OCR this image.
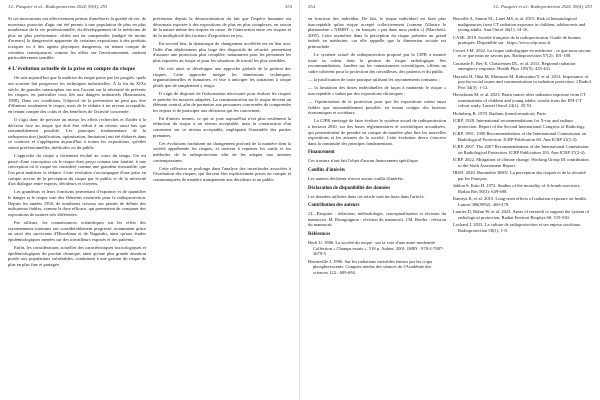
J.L. Pasquier et al.: Radioprotection 2024, 59(4), 253	253

Si ces innovations ont effectivement permis d'améliorer la qualité de vie, de nouveaux pouvoirs d'agir ont été permis à une population de plus en plus nombreuse de la vie professionnelle, du développement de la médecine de plus en plus performante, cibles ont en comprendre (malgré de moins d'erreurs) la dangerosité apparente de certaines expositions à des produits toxiques ou à des agents physiques dangereux, en tenant compte de certaines conséquences comme les effets sur l'environnement, mettent particulièrement sensible.

4 L'évolution actuelle de la prise en compte du risque

On sait aujourd'hui que la maîtrise du risque passe par les progrès, quels ont souvent fait progresser les techniques industrielles. À la fin du XIXe siècle, de grandes catastrophes ont mis l'accent sur la nécessité de prévenir les risques, en particulier ceux liés aux dangers industriels (Rasmussen, 1998). Dans ces conditions, l'objectif de la prévention ne peut pas être d'éliminer totalement le risque, mais de le réduire à un niveau acceptable, en tenant compte des coûts et des bénéfices de l'activité concernée.

Il s'agit donc de préciser au mieux les effets recherchés et d'aider à la décision face au risque qui doit être réduit à un niveau aussi bas que raisonnablement possible. Les principes fondamentaux de la radioprotection (justification, optimisation, limitation) ont été élaborés dans ce contexte et s'appliquent aujourd'hui à toutes les expositions, qu'elles soient professionnelles, médicales ou du public.

L'approche du risque a fortement évolué au cours du temps. On est passé d'une conception où le risque était perçu comme une fatalité, à une conception où le risque est considéré comme une grandeur mesurable, que l'on peut maîtriser et réduire. Cette évolution s'accompagne d'une prise en compte accrue de la perception du risque par le public et de la nécessité d'un dialogue entre experts, décideurs et citoyens.

Les grandeurs et leurs fonctions permettant d'exprimer et de quantifier le danger et le risque sont des éléments essentiels pour la radioprotection. Depuis les années 1950, de nombreux travaux ont permis de définir des indicateurs fiables, comme la dose efficace, qui permettent de comparer des expositions de natures très différentes.

Par ailleurs, les connaissances scientifiques sur les effets des rayonnements ionisants ont considérablement progressé, notamment grâce au suivi des survivants d'Hiroshima et de Nagasaki, ainsi qu'aux études épidémiologiques menées sur des travailleurs exposés et des patients.

Enfin, les considérations actuelles des caractéristiques toxicologiques et épidémiologiques du produit chimique, ainsi qu'une plus grande attention portée aux populations vulnérables, conduisent à une gestion du risque de plus en plus fine et partagée.

prévention depuis la démocratisation du fait que l'espèce humaine est désormais exposée à des expositions de plus en plus complexes, en raison de la nature même des risques en cause, de l'interaction entre ces risques et de la multiplicité des facteurs d'exposition en jeu.

En second lieu, la dynamique de changement accélérée est en lien avec l'idée d'un déploiement plus large des dispositifs de sécurité, permettant d'assurer une protection plus complète, notamment pour les personnes les plus exposées au risque et pour les situations de travail les plus sensibles.

On voit ainsi se développer une approche globale de la gestion des risques. Cette approche intègre les dimensions techniques, organisationnelles et humaines, et vise à anticiper les situations à risque plutôt que de simplement y réagir.

Il s'agit de disposer de l'information nécessaire pour évaluer les risques et prendre les mesures adaptées. La communication sur le risque devient un élément central, afin de permettre aux personnes concernées de comprendre les enjeux et de participer aux décisions qui les concernent.

En d'autres termes, ce qui se joue aujourd'hui n'est plus seulement la réduction du risque à un niveau acceptable, mais la construction d'un consensus sur ce niveau acceptable, impliquant l'ensemble des parties prenantes.

Ces évolutions traduisent un changement profond de la manière dont la société appréhende les risques, et invitent à repenser les outils et les méthodes de la radioprotection afin de les adapter aux attentes contemporaines.

Cette réflexion se prolonge dans l'analyse des incertitudes associées à l'évaluation des risques, qui doivent être explicitement prises en compte et communiquées de manière transparente aux décideurs et au public.

254	J.L. Pasquier et al.: Radioprotection 2024, 59(4), 253

en fonction des individus. De fait, le risque individuel est bien plus inacceptable qu'un risque accepté collectivement (comme l'illustre le phénomène « NIMBY », en français « pas dans mon jardin ») (Marchetti, 2005). Cette asymétrie dans la perception du risque présente un grand intérêt en médecine, car elle rappelle que la dimension sociale est primordiale.

Le système actuel de radioprotection proposé par la CIPR a montré toute sa valeur dans la gestion du risque radiologique. Ses recommandations, fondées sur les connaissances scientifiques, offrent un cadre cohérent pour la protection des travailleurs, des patients et du public.

— la justification de toute pratique utilisant les rayonnements ionisants ;

— la limitation des doses individuelles de façon à maintenir le risque « inacceptable » induit par des expositions chroniques ;

— l'optimisation de la protection pour que les expositions soient aussi faibles que raisonnablement possible, en tenant compte des facteurs économiques et sociétaux.

La CIPR envisage de faire évoluer le système actuel de radioprotection à horizon 2030, sur des bases réglementaires et scientifiques actualisées, qui permettraient de prendre en compte de manière plus fine les nouvelles expositions et les attentes de la société. Cette évolution devra s'inscrire dans la continuité des principes fondamentaux.

Financement

Ces travaux n'ont fait l'objet d'aucun financement spécifique.

Conflits d'intérêts

Les auteurs déclarent n'avoir aucun conflit d'intérêts.

Déclaration de disponibilité des données

Les données utilisées dans cet article sont incluses dans l'article.

Contribution des auteurs

J.L. Pasquier : rédaction, méthodologie, conceptualisation et révision du manuscrit. M. Bourguignon : révision du manuscrit. J.M. Bertho : révision du manuscrit.

Références

Beck U. 1986. La société du risque : sur la voie d'une autre modernité. Collection « Champs essais », 518 p. Aubier, 2001. ISBN : 978-2-7007-3679-5.

Bonneville J. 1996. Sur les radiations invisibles émises par les corps phosphorescents. Comptes rendus des séances de l'Académie des sciences 122 : 689-694.

Bouville A, Simon SL, Linet MS, et al. 2015. Risk of hematological malignancies from CT radiation exposure in children, adolescents and young adults. Ann Oncol 26(1): 14-16.

CASE. 2010. Société française de la radioprotection. Guide de bonnes pratiques. Disponible sur : https://www.sfrp.asso.fr

Cosset J-M. 2022. Le risque radiologique en médecine : ce que nous savons et ce que nous ne savons pas. Radioprotection 57(2): 101-108.

Courtade E, Bey E, Christensen DL, et al. 2013. Regional radiation emergency response. Health Phys 105(5): 435-441.

Hayashi H, Ohta M, Matsuura M, Kuboyama Y, et al. 2014. Importance of psycho-social issues and communication in radiation protection. J Radiol Prot 34(3): 1-12.

Hesselman M, et al. 2023. Brain cancer after radiation exposure from CT examinations of children and young adults: results from the EPI-CT cohort study. Lancet Oncol 24(1): 45-53.

Holmberg B. 1970. Radium (transformation). Paris.

ICRP. 1928. International recommendations for X-ray and radium protection. Report of the Second International Congress of Radiology.

ICRP. 1991. 1990 Recommendations of the International Commission on Radiological Protection. ICRP Publication 60. Ann ICRP 21(1-3).

ICRP. 2007. The 2007 Recommendations of the International Commission on Radiological Protection. ICRP Publication 103. Ann ICRP 37(2-4).

ICRP. 2022. Mitigation of climate change. Working Group III contribution to the Sixth Assessment Report.

IRSN. 2020. Baromètre IRSN. La perception des risques et de la sécurité par les Français.

Jablon S, Kato H. 1972. Studies of the mortality of A-bomb survivors. Radiat Res 50(3): 649-698.

Kamiya K, et al. 2015. Long-term effects of radiation exposure on health. Lancet 386(9992): 469-478.

Laurier D, Rühm W, et al. 2023. Areas of research to support the system of radiological protection. Radiat Environ Biophys 60: 519-530.

Lochard J. 2023. La culture de radioprotection et ses enjeux sociétaux. Radioprotection 58(1): 1-8.
